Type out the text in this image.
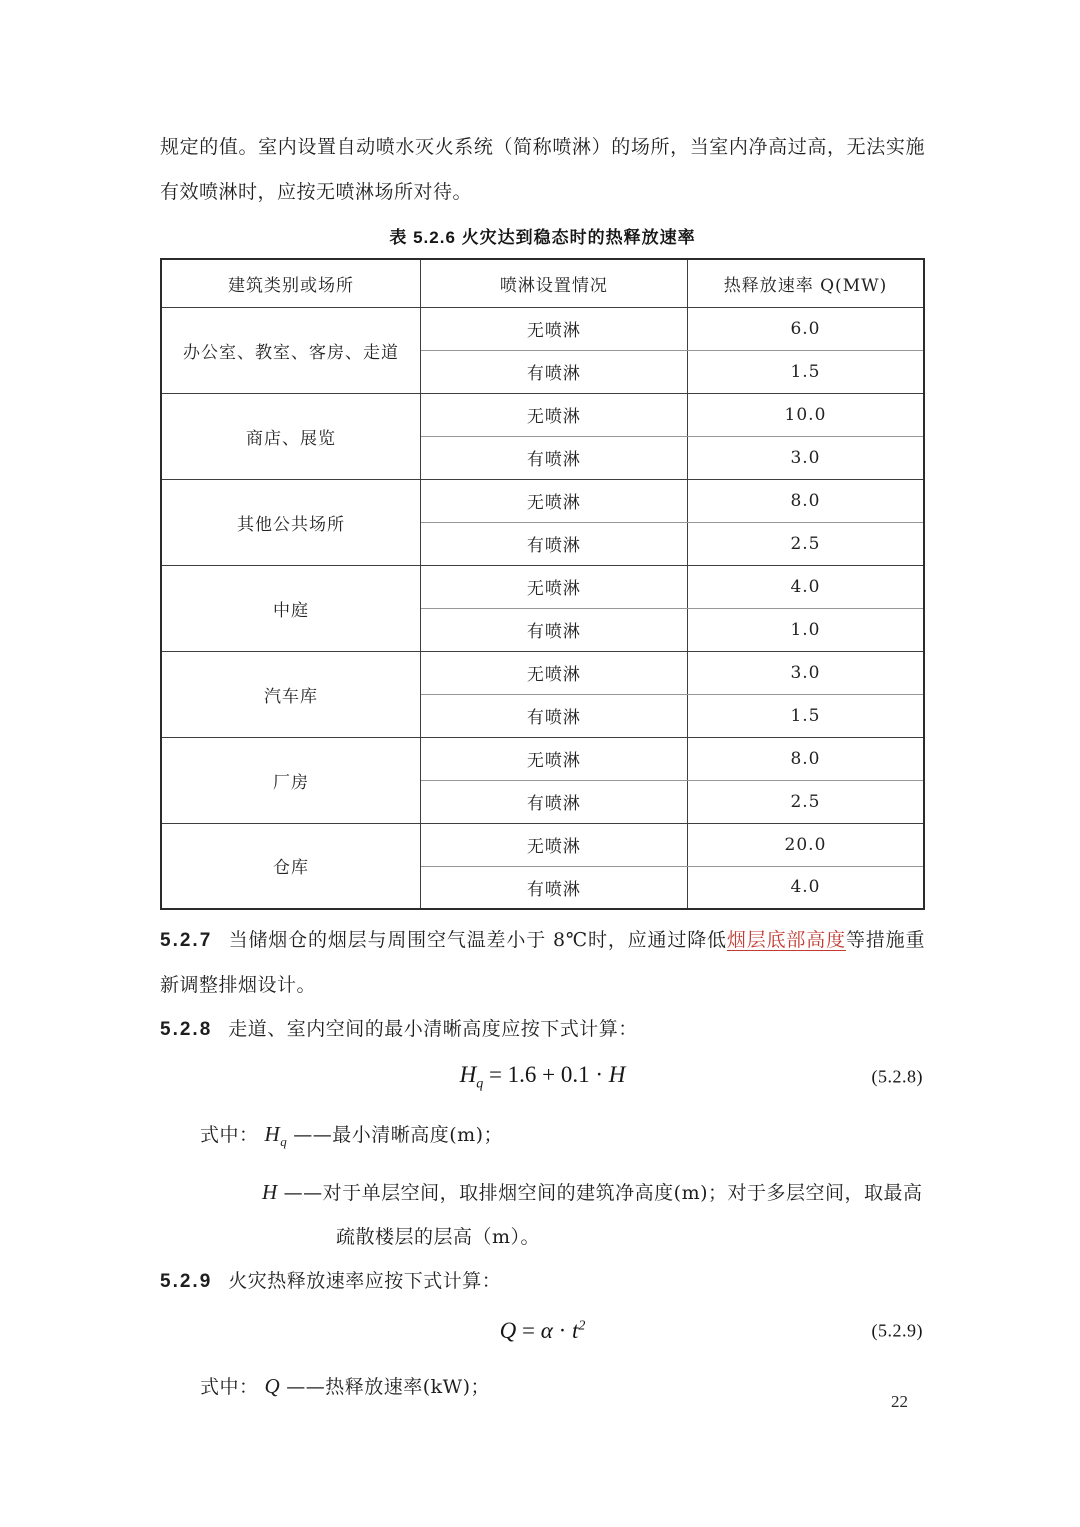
规定的值。室内设置自动喷水灭火系统（简称喷淋）的场所，当室内净高过高，无法实施有效喷淋时，应按无喷淋场所对待。

表 5.2.6 火灾达到稳态时的热释放速率
建筑类别或场所	喷淋设置情况	热释放速率 Q(MW)
办公室、教室、客房、走道	无喷淋	6.0
	有喷淋	1.5
商店、展览	无喷淋	10.0
	有喷淋	3.0
其他公共场所	无喷淋	8.0
	有喷淋	2.5
中庭	无喷淋	4.0
	有喷淋	1.0
汽车库	无喷淋	3.0
	有喷淋	1.5
厂房	无喷淋	8.0
	有喷淋	2.5
仓库	无喷淋	20.0
	有喷淋	4.0

5.2.7 当储烟仓的烟层与周围空气温差小于 8℃时，应通过降低烟层底部高度等措施重新调整排烟设计。

5.2.8 走道、室内空间的最小清晰高度应按下式计算：

$H_q = 1.6 + 0.1 \cdot H$	(5.2.8)

式中： $H_q$ ——最小清晰高度(m)；

H ——对于单层空间，取排烟空间的建筑净高度(m)；对于多层空间，取最高

疏散楼层的层高（m）。

5.2.9 火灾热释放速率应按下式计算：

$Q = \alpha \cdot t^2$	(5.2.9)

式中： Q ——热释放速率(kW)；

22
